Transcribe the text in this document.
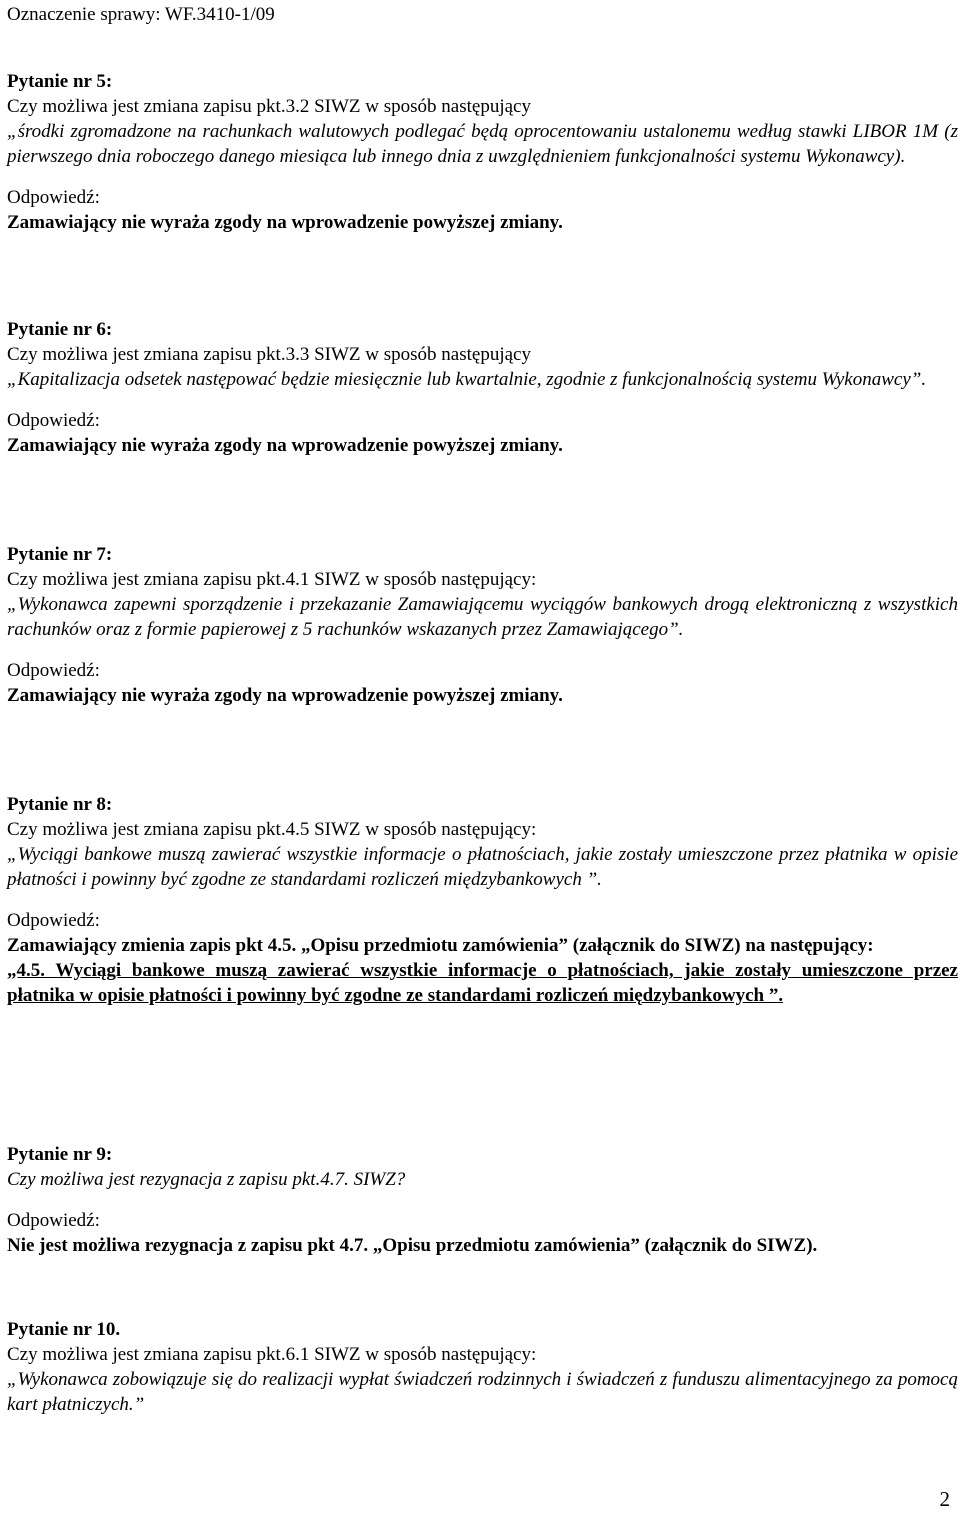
Oznaczenie sprawy: WF.3410-1/09
Pytanie nr 5:
Czy możliwa jest zmiana zapisu pkt.3.2 SIWZ w sposób następujący
„środki zgromadzone na rachunkach walutowych podlegać będą oprocentowaniu ustalonemu według stawki LIBOR 1M (z pierwszego dnia roboczego danego miesiąca lub innego dnia z uwzględnieniem funkcjonalności systemu Wykonawcy).
Odpowiedź:
Zamawiający nie wyraża zgody na wprowadzenie powyższej zmiany.
Pytanie nr 6:
Czy możliwa jest zmiana zapisu pkt.3.3 SIWZ w sposób następujący
„Kapitalizacja odsetek następować będzie miesięcznie lub kwartalnie, zgodnie z funkcjonalnością systemu Wykonawcy”.
Odpowiedź:
Zamawiający nie wyraża zgody na wprowadzenie powyższej zmiany.
Pytanie nr 7:
Czy możliwa jest zmiana zapisu pkt.4.1 SIWZ w sposób następujący:
„Wykonawca zapewni sporządzenie i przekazanie Zamawiającemu wyciągów bankowych drogą elektroniczną z wszystkich rachunków oraz z formie papierowej z 5 rachunków wskazanych przez Zamawiającego”.
Odpowiedź:
Zamawiający nie wyraża zgody na wprowadzenie powyższej zmiany.
Pytanie nr 8:
Czy możliwa jest zmiana zapisu pkt.4.5 SIWZ w sposób następujący:
„Wyciągi bankowe muszą zawierać wszystkie informacje o płatnościach, jakie zostały umieszczone przez płatnika w opisie płatności i powinny być zgodne ze standardami rozliczeń międzybankowych ”.
Odpowiedź:
Zamawiający zmienia zapis pkt 4.5. „Opisu przedmiotu zamówienia” (załącznik do SIWZ) na następujący:
„4.5. Wyciągi bankowe muszą zawierać wszystkie informacje o płatnościach, jakie zostały umieszczone przez płatnika w opisie płatności i powinny być zgodne ze standardami rozliczeń międzybankowych ”.
Pytanie nr 9:
Czy możliwa jest rezygnacja z zapisu pkt.4.7. SIWZ?
Odpowiedź:
Nie jest możliwa rezygnacja z zapisu pkt 4.7. „Opisu przedmiotu zamówienia” (załącznik do SIWZ).
Pytanie nr 10.
Czy możliwa jest zmiana zapisu pkt.6.1 SIWZ w sposób następujący:
„Wykonawca zobowiązuje się do realizacji wypłat świadczeń rodzinnych i świadczeń z funduszu alimentacyjnego za pomocą kart płatniczych.”
2
